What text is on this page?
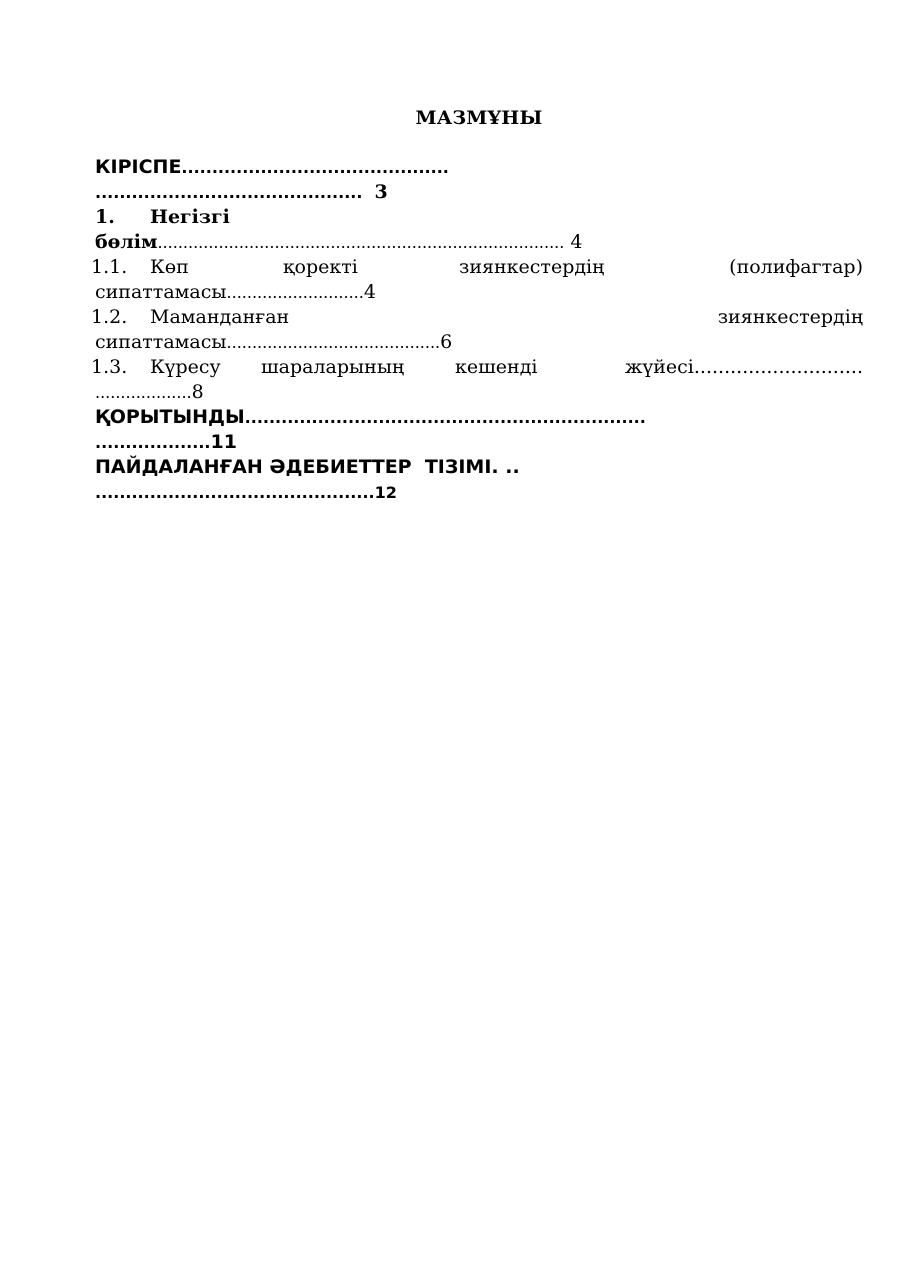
МАЗМҰНЫ
КІРІСПЕ............................................
............................................ 3
1. Негізгі
бөлім................................................................................ 4
1.1. Көп	қоректі	зиянкестердің	(полифагтар)
сипаттамасы...........................4
1.2. Маманданған	зиянкестердің
сипаттамасы..........................................6
1.3. Күресу шараларының	кешенді	жүйесі............................
...................8
ҚОРЫТЫНДЫ..................................................................
...................11
ПАЙДАЛАНҒАН ӘДЕБИЕТТЕР  ТІЗІМІ. ..
..............................................12
